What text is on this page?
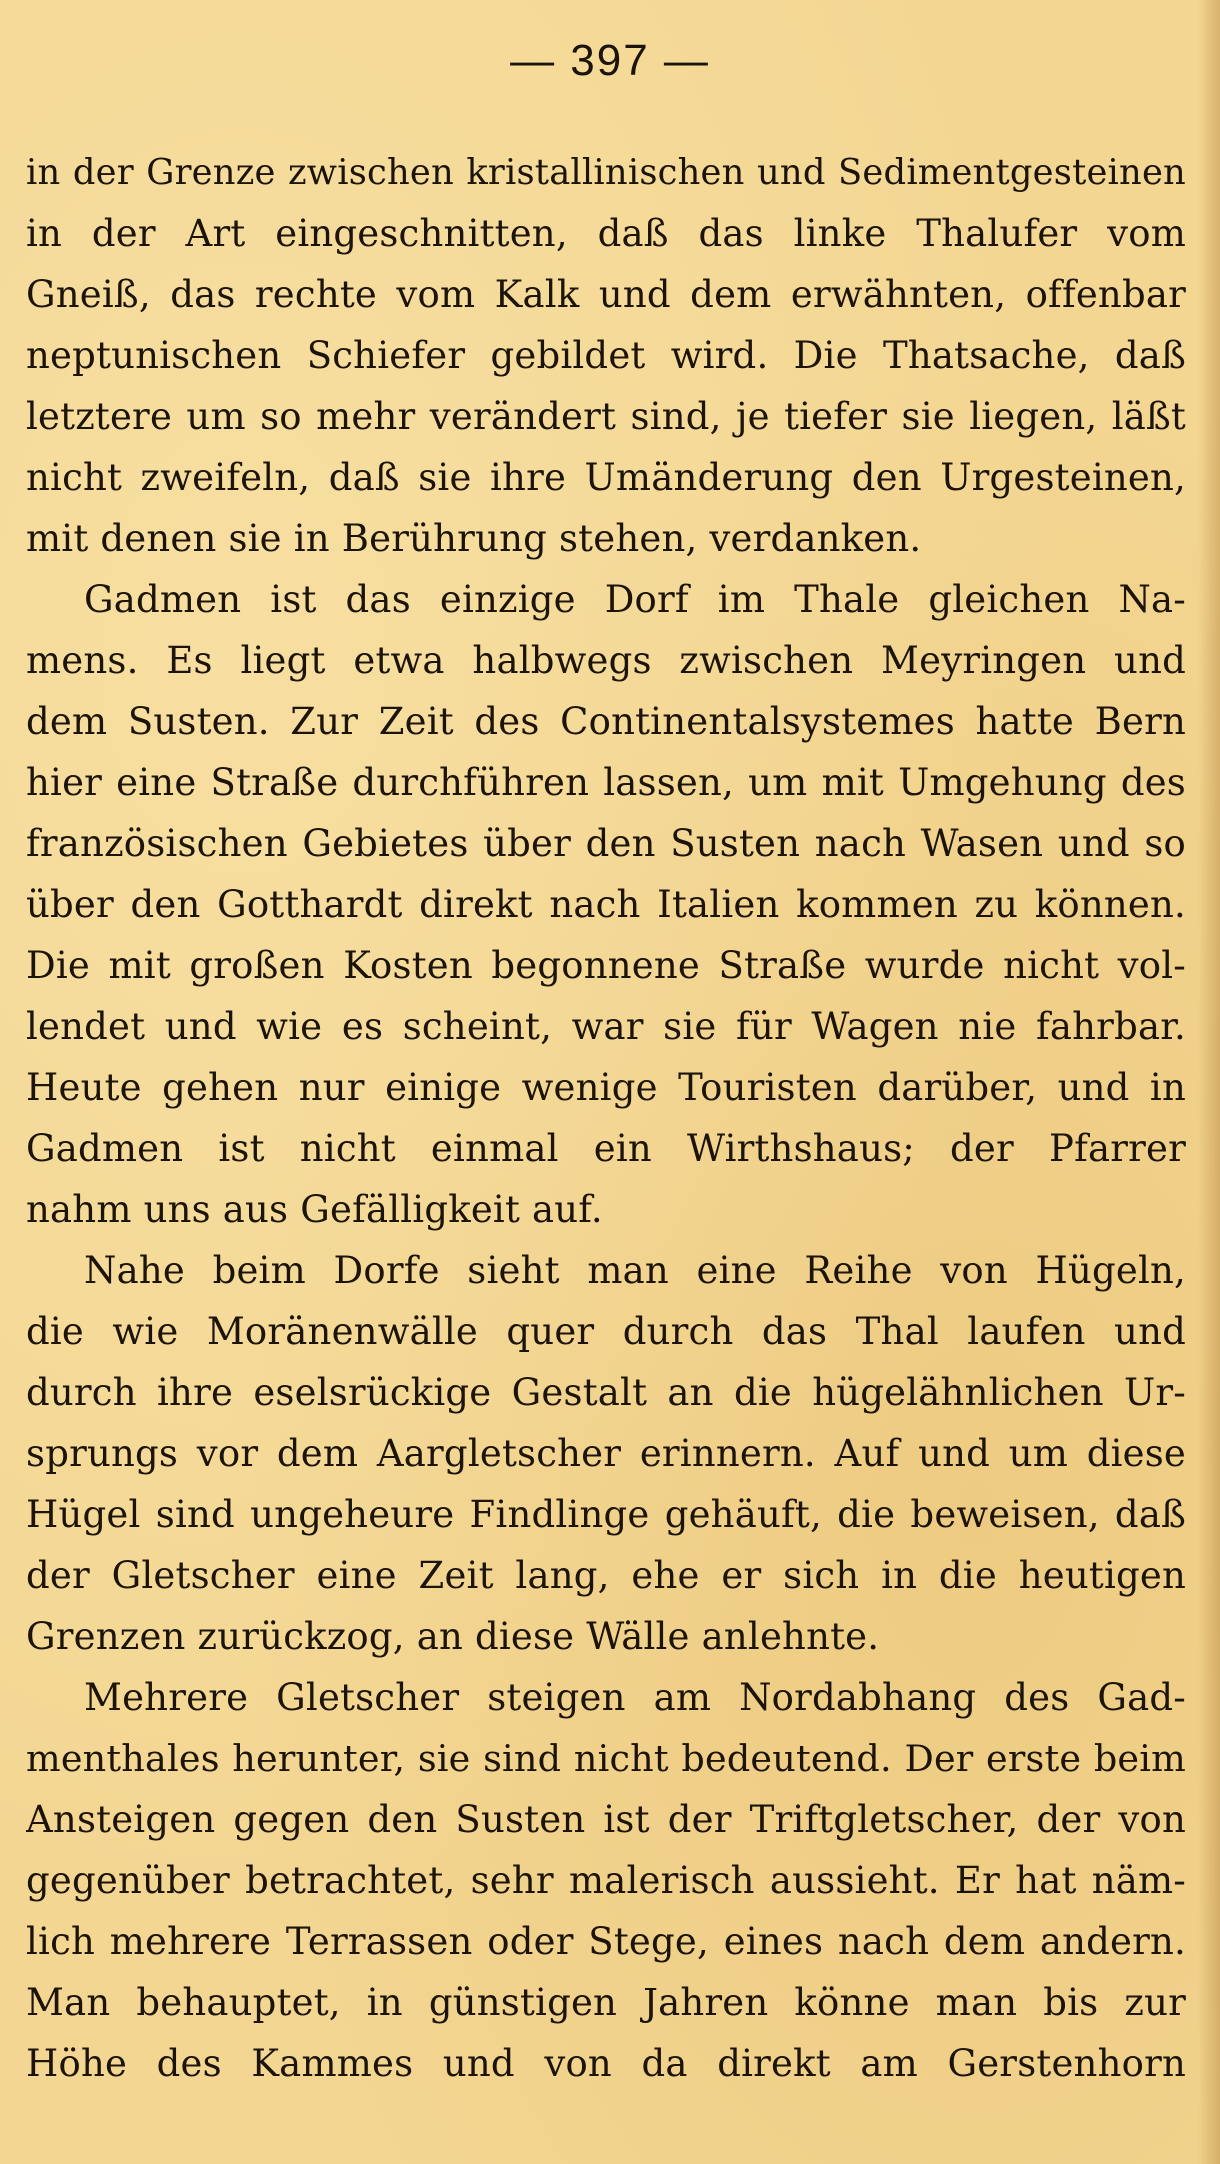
— 397 —
in der Grenze zwischen kristallinischen und Sedimentgesteinen
in der Art eingeschnitten, daß das linke Thalufer vom
Gneiß, das rechte vom Kalk und dem erwähnten, offenbar
neptunischen Schiefer gebildet wird. Die Thatsache, daß
letztere um so mehr verändert sind, je tiefer sie liegen, läßt
nicht zweifeln, daß sie ihre Umänderung den Urgesteinen,
mit denen sie in Berührung stehen, verdanken.
Gadmen ist das einzige Dorf im Thale gleichen Na-
mens. Es liegt etwa halbwegs zwischen Meyringen und
dem Susten. Zur Zeit des Continentalsystemes hatte Bern
hier eine Straße durchführen lassen, um mit Umgehung des
französischen Gebietes über den Susten nach Wasen und so
über den Gotthardt direkt nach Italien kommen zu können.
Die mit großen Kosten begonnene Straße wurde nicht vol-
lendet und wie es scheint, war sie für Wagen nie fahrbar.
Heute gehen nur einige wenige Touristen darüber, und in
Gadmen ist nicht einmal ein Wirthshaus; der Pfarrer
nahm uns aus Gefälligkeit auf.
Nahe beim Dorfe sieht man eine Reihe von Hügeln,
die wie Moränenwälle quer durch das Thal laufen und
durch ihre eselsrückige Gestalt an die hügelähnlichen Ur-
sprungs vor dem Aargletscher erinnern. Auf und um diese
Hügel sind ungeheure Findlinge gehäuft, die beweisen, daß
der Gletscher eine Zeit lang, ehe er sich in die heutigen
Grenzen zurückzog, an diese Wälle anlehnte.
Mehrere Gletscher steigen am Nordabhang des Gad-
menthales herunter, sie sind nicht bedeutend. Der erste beim
Ansteigen gegen den Susten ist der Triftgletscher, der von
gegenüber betrachtet, sehr malerisch aussieht. Er hat näm-
lich mehrere Terrassen oder Stege, eines nach dem andern.
Man behauptet, in günstigen Jahren könne man bis zur
Höhe des Kammes und von da direkt am Gerstenhorn
